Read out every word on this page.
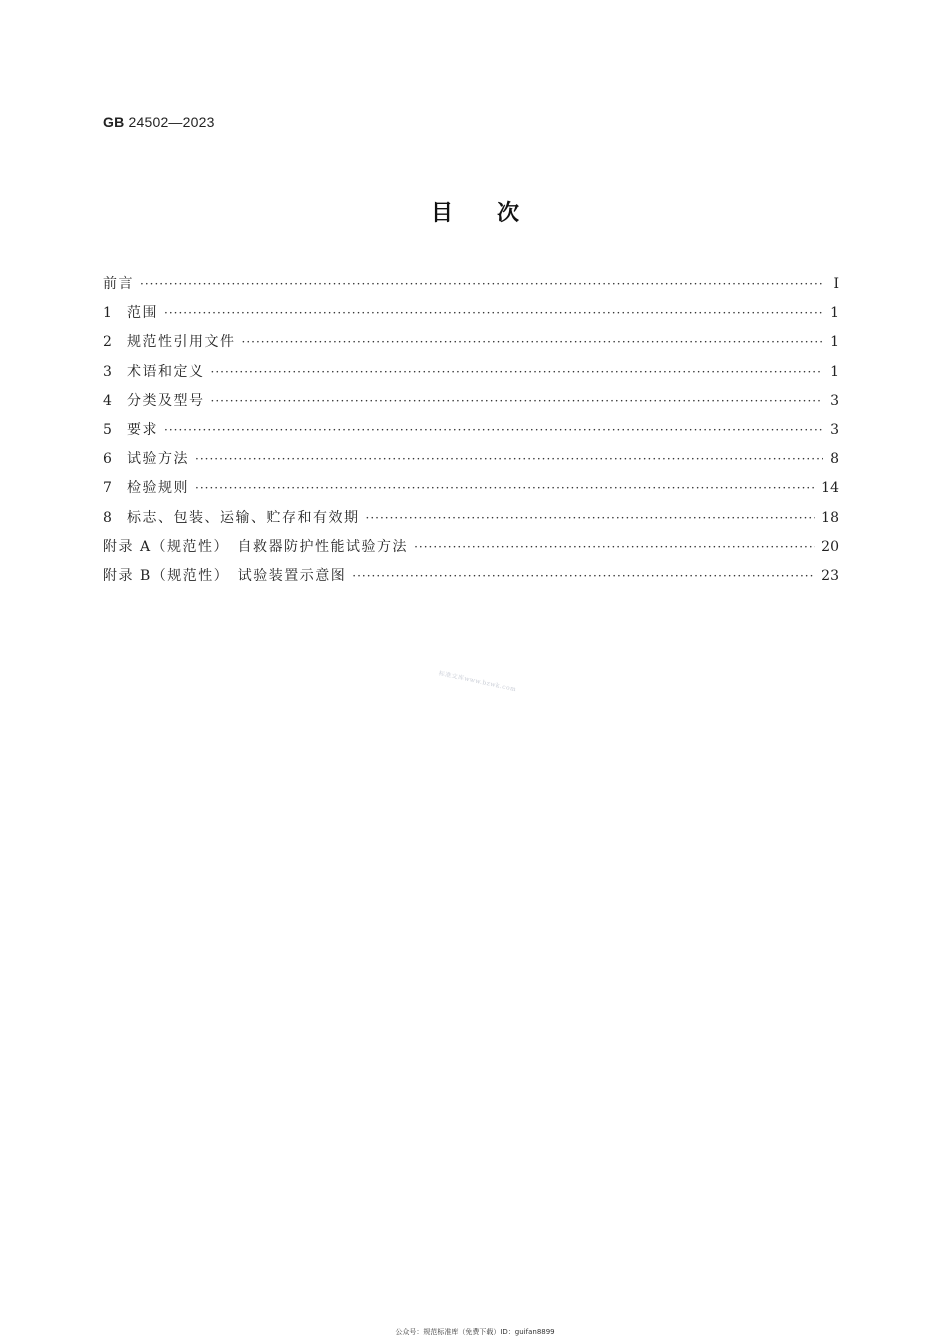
GB 24502—2023
目次
前言 ·····	Ⅰ
1	范围 ·····	1
2	规范性引用文件 ·····	1
3	术语和定义 ·····	1
4	分类及型号 ·····	3
5	要求 ·····	3
6	试验方法 ·····	8
7	检验规则 ·····	14
8	标志、包装、运输、贮存和有效期 ·····	18
附录 A（规范性）　自救器防护性能试验方法 ·····	20
附录 B（规范性）　试验装置示意图 ·····	23
标准文库www.bzwk.com
公众号：规范标准库（免费下载）ID：guifan8899
